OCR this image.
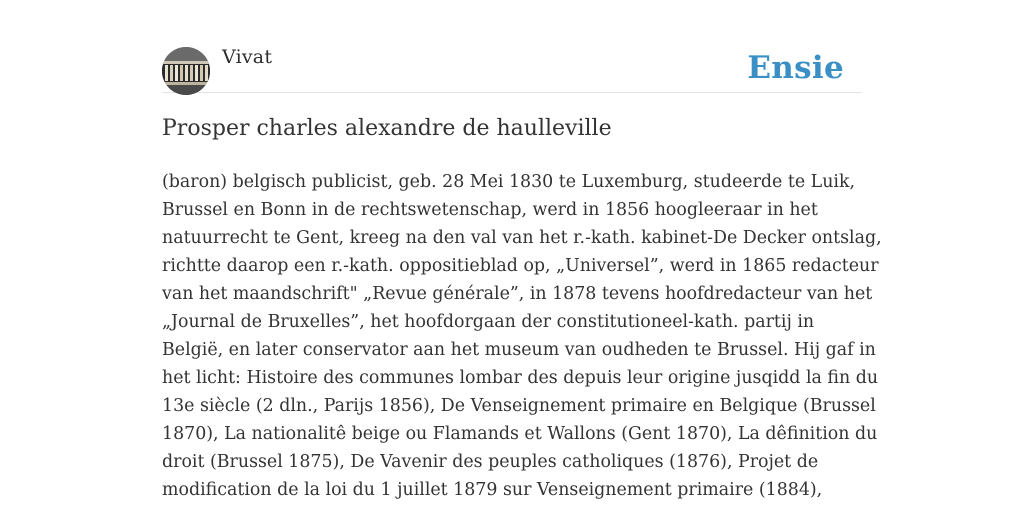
Vivat	Ensie
Prosper charles alexandre de haulleville
(baron) belgisch publicist, geb. 28 Mei 1830 te Luxemburg, studeerde te Luik,
Brussel en Bonn in de rechtswetenschap, werd in 1856 hoogleeraar in het
natuurrecht te Gent, kreeg na den val van het r.-kath. kabinet-De Decker ontslag,
richtte daarop een r.-kath. oppositieblad op, „Universel”, werd in 1865 redacteur
van het maandschrift" „Revue générale”, in 1878 tevens hoofdredacteur van het
„Journal de Bruxelles”, het hoofdorgaan der constitutioneel-kath. partij in
België, en later conservator aan het museum van oudheden te Brussel. Hij gaf in
het licht: Histoire des communes lombar des depuis leur origine jusqidd la fin du
13e siècle (2 dln., Parijs 1856), De Venseignement primaire en Belgique (Brussel
1870), La nationalitê beige ou Flamands et Wallons (Gent 1870), La dêfinition du
droit (Brussel 1875), De Vavenir des peuples catholiques (1876), Projet de
modification de la loi du 1 juillet 1879 sur Venseignement primaire (1884),
